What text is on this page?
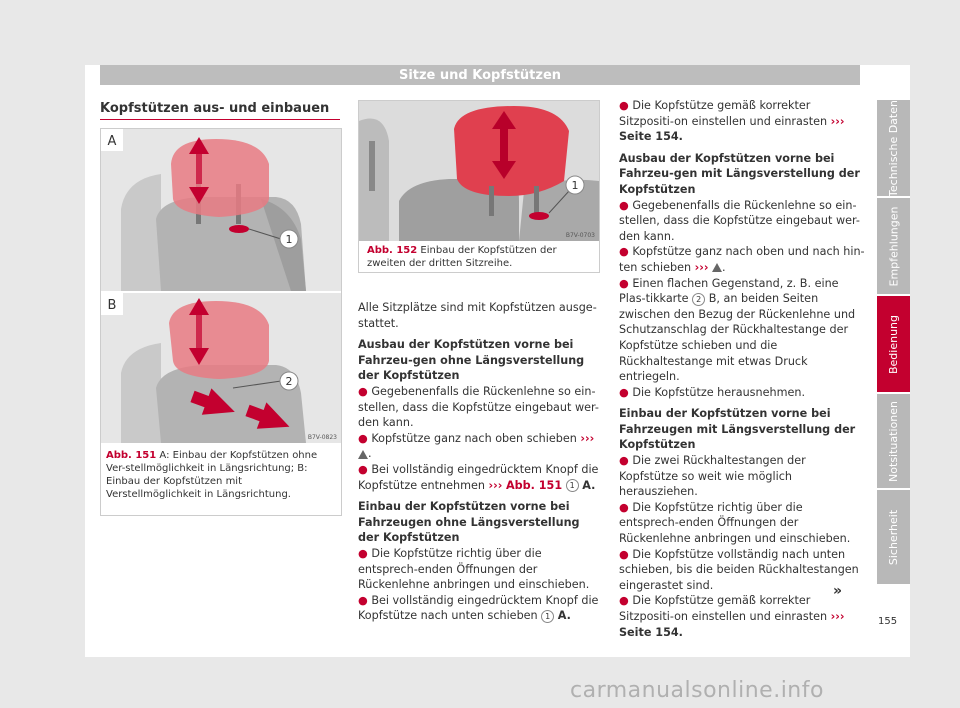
Sitze und Kopfstützen
Kopfstützen aus- und einbauen
1
A
2
B
B7V-0823
Abb. 151 A: Einbau der Kopfstützen ohne Ver-stellmöglichkeit in Längsrichtung; B: Einbau der Kopfstützen mit Verstellmöglichkeit in Längsrichtung.
1
B7V-0703
Abb. 152 Einbau der Kopfstützen der zweiten der dritten Sitzreihe.

Alle Sitzplätze sind mit Kopfstützen ausge-stattet.

Ausbau der Kopfstützen vorne bei Fahrzeu-gen ohne Längsverstellung der Kopfstützen

● Gegebenenfalls die Rückenlehne so ein-stellen, dass die Kopfstütze eingebaut wer-den kann.

● Kopfstütze ganz nach oben schieben ››› .

● Bei vollständig eingedrücktem Knopf die Kopfstütze entnehmen ››› Abb. 151 1 A.

Einbau der Kopfstützen vorne bei Fahrzeugen ohne Längsverstellung der Kopfstützen

● Die Kopfstütze richtig über die entsprech-enden Öffnungen der Rückenlehne anbringen und einschieben.

● Bei vollständig eingedrücktem Knopf die Kopfstütze nach unten schieben 1 A.

● Die Kopfstütze gemäß korrekter Sitzpositi-on einstellen und einrasten ››› Seite 154.

Ausbau der Kopfstützen vorne bei Fahrzeu-gen mit Längsverstellung der Kopfstützen

● Gegebenenfalls die Rückenlehne so ein-stellen, dass die Kopfstütze eingebaut wer-den kann.

● Kopfstütze ganz nach oben und nach hin-ten schieben ››› .

● Einen flachen Gegenstand, z. B. eine Plas-tikkarte 2 B, an beiden Seiten zwischen den Bezug der Rückenlehne und Schutzanschlag der Rückhaltestange der Kopfstütze schieben und die Rückhaltestange mit etwas Druck entriegeln.

● Die Kopfstütze herausnehmen.

Einbau der Kopfstützen vorne bei Fahrzeugen mit Längsverstellung der Kopfstützen

● Die zwei Rückhaltestangen der Kopfstütze so weit wie möglich herausziehen.

● Die Kopfstütze richtig über die entsprech-enden Öffnungen der Rückenlehne anbringen und einschieben.

● Die Kopfstütze vollständig nach unten schieben, bis die beiden Rückhaltestangen eingerastet sind.

● Die Kopfstütze gemäß korrekter Sitzpositi-on einstellen und einrasten ››› Seite 154.

»
Technische Daten
Empfehlungen
Bedienung
Notsituationen
Sicherheit
155
carmanualsonline.info
